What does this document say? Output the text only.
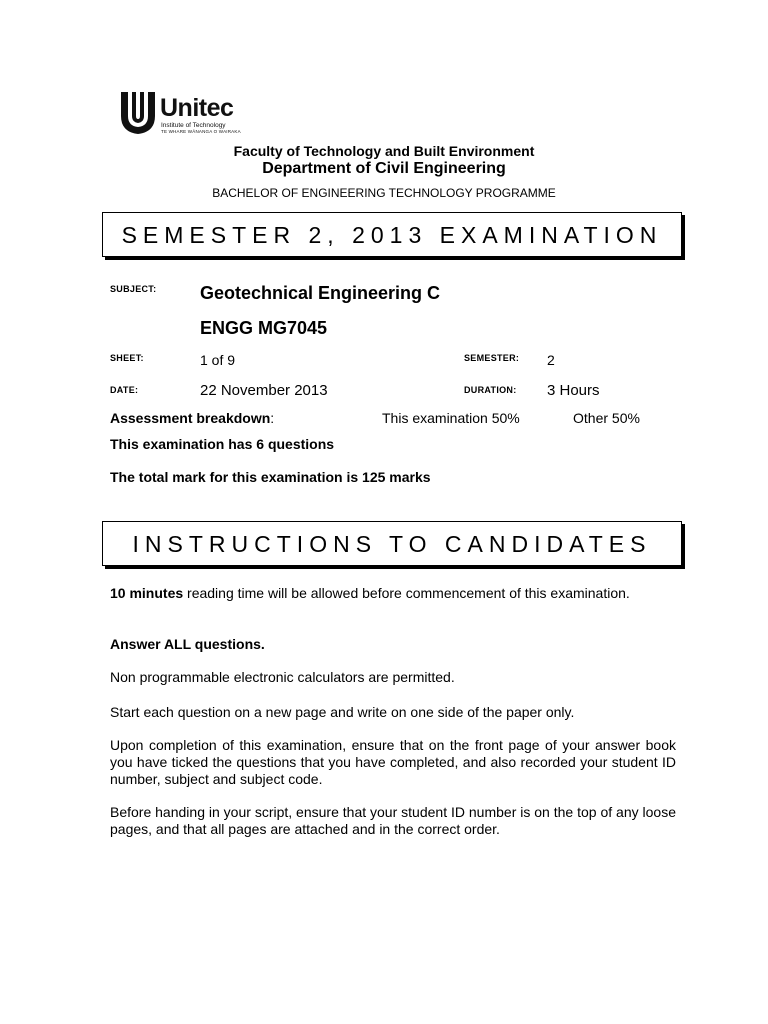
Unitec
Institute of Technology
TE WHARE WĀNANGA O WAIRAKA
Faculty of Technology and Built Environment
Department of Civil Engineering
BACHELOR OF ENGINEERING TECHNOLOGY PROGRAMME
SEMESTER 2, 2013 EXAMINATION
SUBJECT: Geotechnical Engineering C
ENGG MG7045
SHEET:	1 of 9	SEMESTER: 2
DATE:	22 November 2013	DURATION: 3 Hours
Assessment breakdown:	This examination 50%	Other 50%
This examination has 6 questions
The total mark for this examination is 125 marks
INSTRUCTIONS TO CANDIDATES
10 minutes reading time will be allowed before commencement of this examination.
Answer ALL questions.
Non programmable electronic calculators are permitted.
Start each question on a new page and write on one side of the paper only.
Upon completion of this examination, ensure that on the front page of your answer book you have ticked the questions that you have completed, and also recorded your student ID number, subject and subject code.
Before handing in your script, ensure that your student ID number is on the top of any loose pages, and that all pages are attached and in the correct order.
